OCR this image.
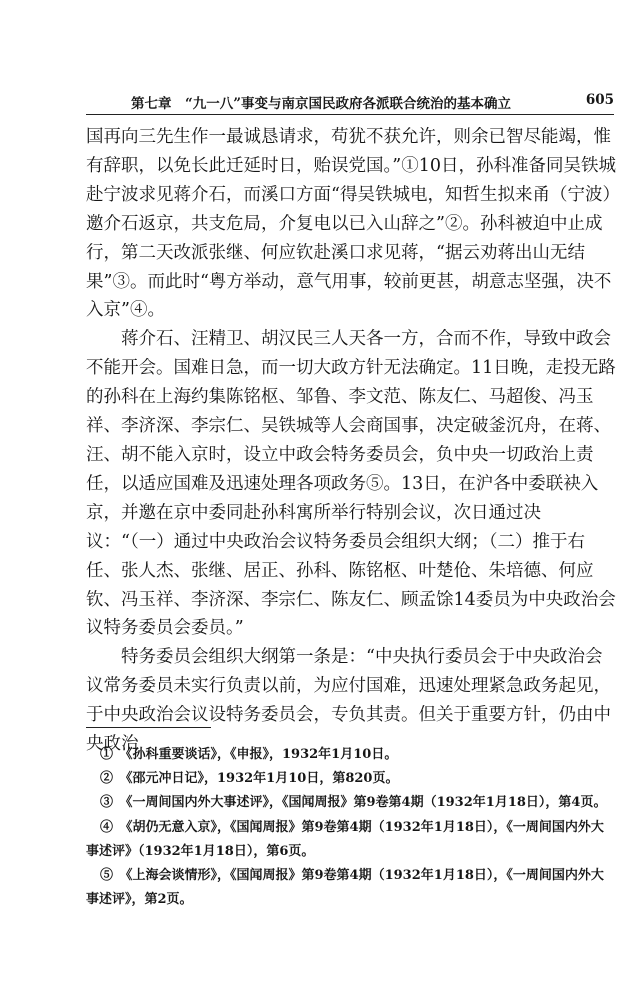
第七章　“九一八”事变与南京国民政府各派联合统治的基本确立	605

国再向三先生作一最诚恳请求，苟犹不获允许，则余已智尽能竭，惟有辞职，以免长此迁延时日，贻误党国。”①10日，孙科准备同吴铁城赴宁波求见蒋介石，而溪口方面“得吴铁城电，知哲生拟来甬（宁波）邀介石返京，共支危局，介复电以已入山辞之”②。孙科被迫中止成行，第二天改派张继、何应钦赴溪口求见蒋，“据云劝蒋出山无结果”③。而此时“粤方举动，意气用事，较前更甚，胡意志坚强，决不入京”④。

蒋介石、汪精卫、胡汉民三人天各一方，合而不作，导致中政会不能开会。国难日急，而一切大政方针无法确定。11日晚，走投无路的孙科在上海约集陈铭枢、邹鲁、李文范、陈友仁、马超俊、冯玉祥、李济深、李宗仁、吴铁城等人会商国事，决定破釜沉舟，在蒋、汪、胡不能入京时，设立中政会特务委员会，负中央一切政治上责任，以适应国难及迅速处理各项政务⑤。13日，在沪各中委联袂入京，并邀在京中委同赴孙科寓所举行特别会议，次日通过决议：“（一）通过中央政治会议特务委员会组织大纲；（二）推于右任、张人杰、张继、居正、孙科、陈铭枢、叶楚伧、朱培德、何应钦、冯玉祥、李济深、李宗仁、陈友仁、顾孟馀14委员为中央政治会议特务委员会委员。”

特务委员会组织大纲第一条是：“中央执行委员会于中央政治会议常务委员未实行负责以前，为应付国难，迅速处理紧急政务起见，于中央政治会议设特务委员会，专负其责。但关于重要方针，仍由中央政治

①　《孙科重要谈话》，《申报》，1932年1月10日。

②　《邵元冲日记》，1932年1月10日，第820页。

③　《一周间国内外大事述评》，《国闻周报》第9卷第4期（1932年1月18日），第4页。

④　《胡仍无意入京》，《国闻周报》第9卷第4期（1932年1月18日），《一周间国内外大事述评》（1932年1月18日），第6页。

⑤　《上海会谈情形》，《国闻周报》第9卷第4期（1932年1月18日），《一周间国内外大事述评》，第2页。
